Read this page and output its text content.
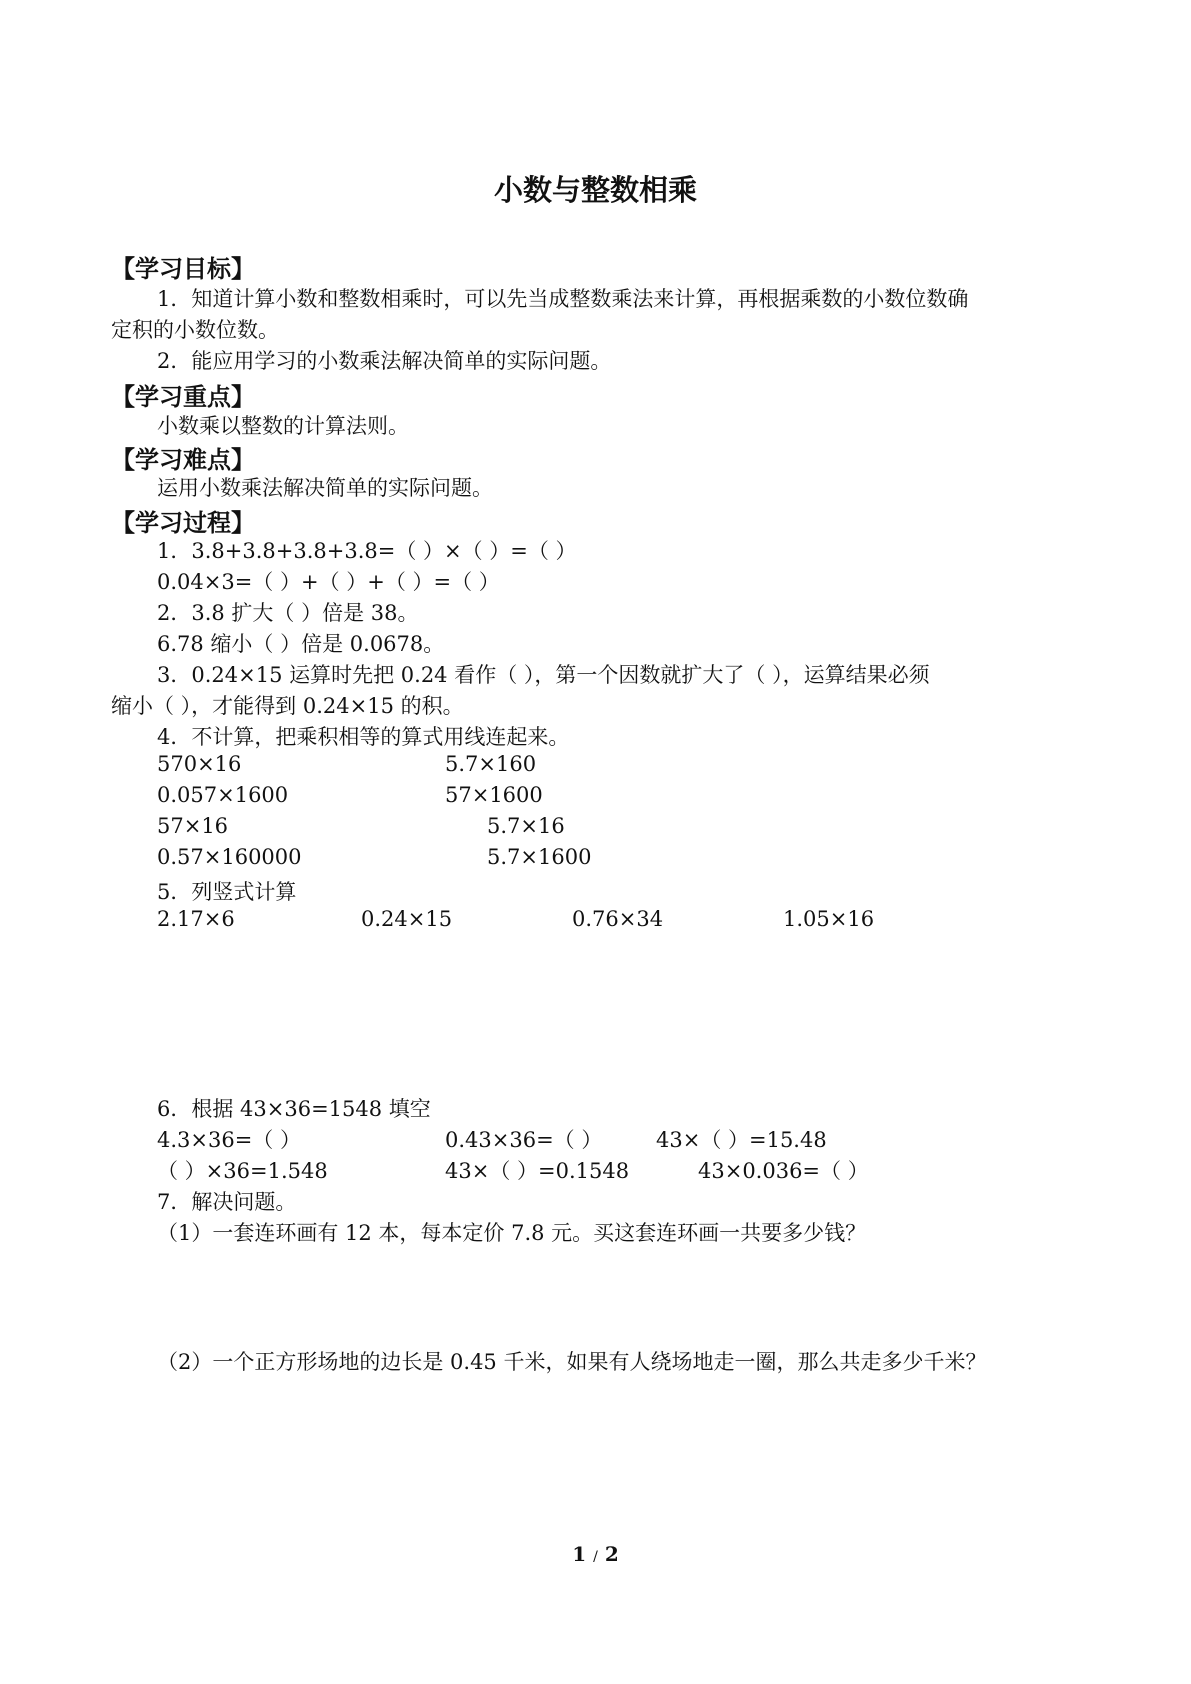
小数与整数相乘
【学习目标】
1．知道计算小数和整数相乘时，可以先当成整数乘法来计算，再根据乘数的小数位数确
定积的小数位数。
2．能应用学习的小数乘法解决简单的实际问题。
【学习重点】
小数乘以整数的计算法则。
【学习难点】
运用小数乘法解决简单的实际问题。
【学习过程】
1．3.8+3.8+3.8+3.8=（ ）×（ ）=（ ）
0.04×3=（ ）+（ ）+（ ）=（ ）
2．3.8 扩大（ ）倍是 38。
6.78 缩小（ ）倍是 0.0678。
3．0.24×15 运算时先把 0.24 看作（ ），第一个因数就扩大了（ ），运算结果必须
缩小（ ），才能得到 0.24×15 的积。
4．不计算，把乘积相等的算式用线连起来。
570×16	5.7×160
0.057×1600	57×1600
57×16	5.7×16
0.57×160000	5.7×1600
5．列竖式计算
2.17×6	0.24×15	0.76×34	1.05×16
6．根据 43×36=1548 填空
4.3×36=（ ）	0.43×36=（ ）	43×（ ）=15.48
（ ）×36=1.548	43×（ ）=0.1548	43×0.036=（ ）
7．解决问题。
（1）一套连环画有 12 本，每本定价 7.8 元。买这套连环画一共要多少钱？
（2）一个正方形场地的边长是 0.45 千米，如果有人绕场地走一圈，那么共走多少千米？
1 / 2
